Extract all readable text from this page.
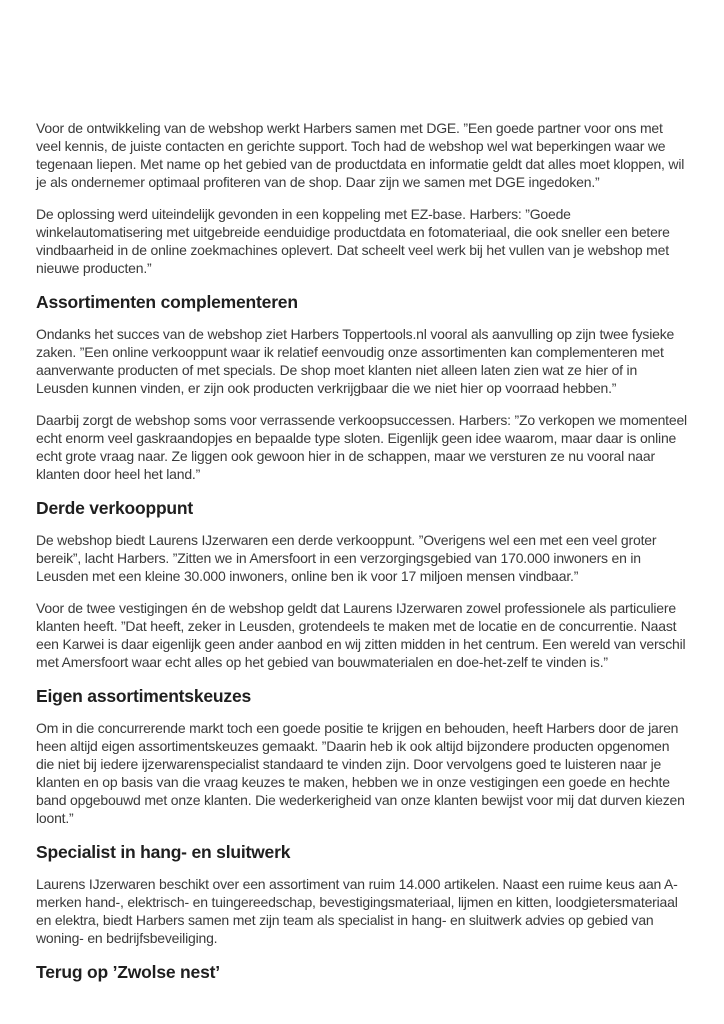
Voor de ontwikkeling van de webshop werkt Harbers samen met DGE. ”Een goede partner voor ons met veel kennis, de juiste contacten en gerichte support. Toch had de webshop wel wat beperkingen waar we tegenaan liepen. Met name op het gebied van de productdata en informatie geldt dat alles moet kloppen, wil je als ondernemer optimaal profiteren van de shop. Daar zijn we samen met DGE ingedoken.”

De oplossing werd uiteindelijk gevonden in een koppeling met EZ-base. Harbers: ”Goede winkelautomatisering met uitgebreide eenduidige productdata en fotomateriaal, die ook sneller een betere vindbaarheid in de online zoekmachines oplevert. Dat scheelt veel werk bij het vullen van je webshop met nieuwe producten.”

Assortimenten complementeren

Ondanks het succes van de webshop ziet Harbers Toppertools.nl vooral als aanvulling op zijn twee fysieke zaken. ”Een online verkooppunt waar ik relatief eenvoudig onze assortimenten kan complementeren met aanverwante producten of met specials. De shop moet klanten niet alleen laten zien wat ze hier of in Leusden kunnen vinden, er zijn ook producten verkrijgbaar die we niet hier op voorraad hebben.”

Daarbij zorgt de webshop soms voor verrassende verkoopsuccessen. Harbers: ”Zo verkopen we momenteel echt enorm veel gaskraandopjes en bepaalde type sloten. Eigenlijk geen idee waarom, maar daar is online echt grote vraag naar. Ze liggen ook gewoon hier in de schappen, maar we versturen ze nu vooral naar klanten door heel het land.”

Derde verkooppunt

De webshop biedt Laurens IJzerwaren een derde verkooppunt. ”Overigens wel een met een veel groter bereik”, lacht Harbers. ”Zitten we in Amersfoort in een verzorgingsgebied van 170.000 inwoners en in Leusden met een kleine 30.000 inwoners, online ben ik voor 17 miljoen mensen vindbaar.”

Voor de twee vestigingen én de webshop geldt dat Laurens IJzerwaren zowel professionele als particuliere klanten heeft. ”Dat heeft, zeker in Leusden, grotendeels te maken met de locatie en de concurrentie. Naast een Karwei is daar eigenlijk geen ander aanbod en wij zitten midden in het centrum. Een wereld van verschil met Amersfoort waar echt alles op het gebied van bouwmaterialen en doe-het-zelf te vinden is.”

Eigen assortimentskeuzes

Om in die concurrerende markt toch een goede positie te krijgen en behouden, heeft Harbers door de jaren heen altijd eigen assortimentskeuzes gemaakt. ”Daarin heb ik ook altijd bijzondere producten opgenomen die niet bij iedere ijzerwarenspecialist standaard te vinden zijn. Door vervolgens goed te luisteren naar je klanten en op basis van die vraag keuzes te maken, hebben we in onze vestigingen een goede en hechte band opgebouwd met onze klanten. Die wederkerigheid van onze klanten bewijst voor mij dat durven kiezen loont.”

Specialist in hang- en sluitwerk

Laurens IJzerwaren beschikt over een assortiment van ruim 14.000 artikelen. Naast een ruime keus aan A-merken hand-, elektrisch- en tuingereedschap, bevestigingsmateriaal, lijmen en kitten, loodgietersmateriaal en elektra, biedt Harbers samen met zijn team als specialist in hang- en sluitwerk advies op gebied van woning- en bedrijfsbeveiliging.

Terug op ’Zwolse nest’
